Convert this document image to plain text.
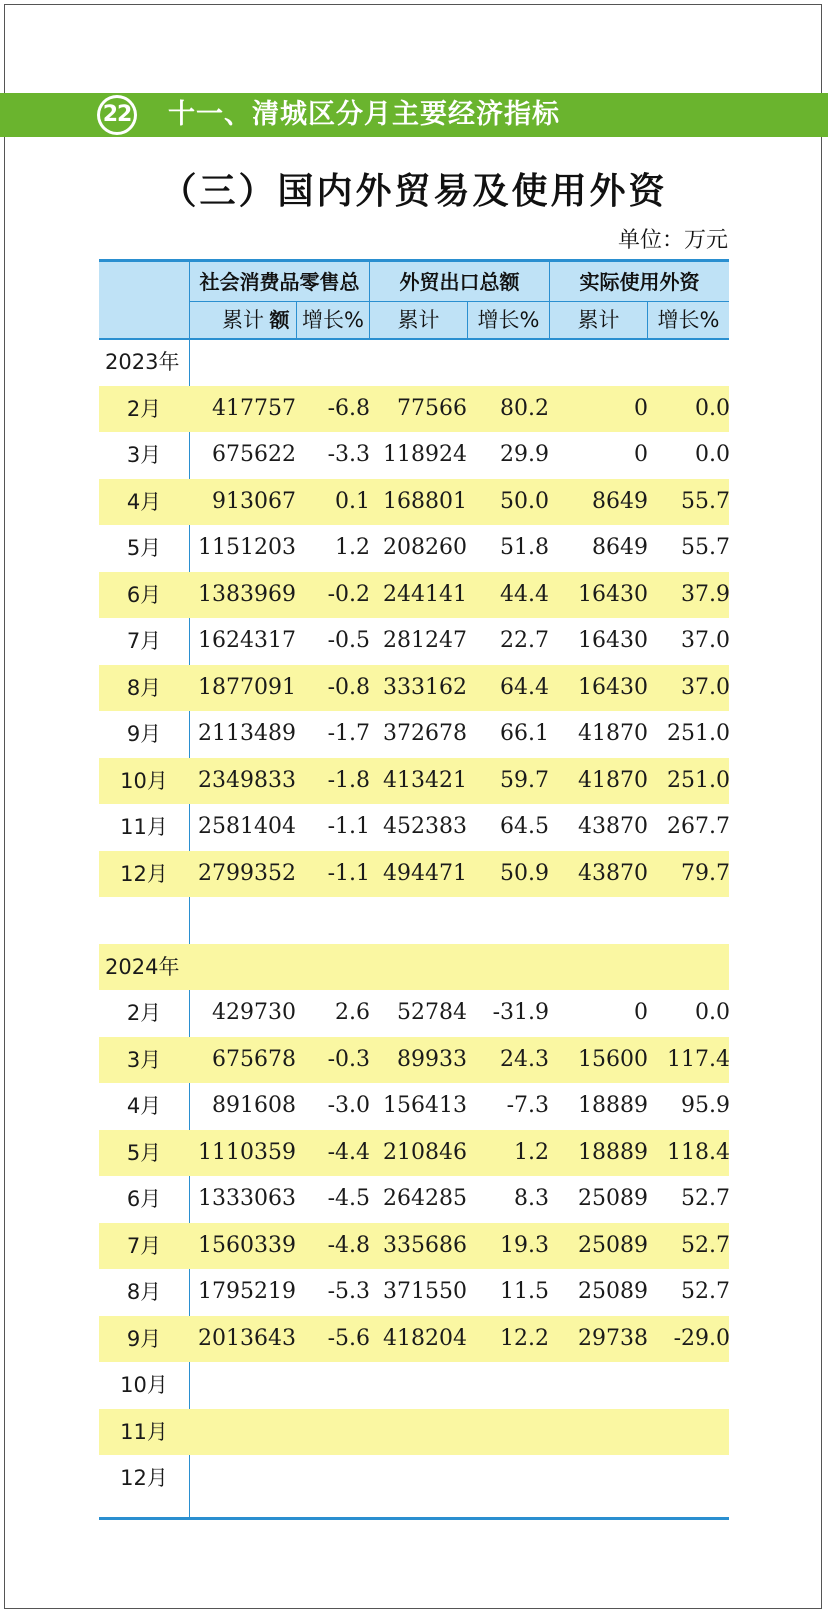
22 十一、清城区分月主要经济指标
（三）国内外贸易及使用外资
单位：万元
社会消费品零售总额
外贸出口总额	实际使用外资
累计	增长%	累计	增长%	累计	增长%
2023年
2月	417757	-6.8	77566	80.2	0	0.0
3月	675622	-3.3 118924	29.9	0	0.0
4月	913067	0.1 168801	50.0	8649	55.7
5月	1151203	1.2 208260	51.8	8649	55.7
6月	1383969	-0.2 244141	44.4	16430	37.9
7月	1624317	-0.5 281247	22.7	16430	37.0
8月	1877091	-0.8 333162	64.4	16430	37.0
9月	2113489	-1.7 372678	66.1	41870 251.0
10月	2349833	-1.8 413421	59.7	41870 251.0
11月	2581404	-1.1 452383	64.5	43870 267.7
12月	2799352	-1.1 494471	50.9	43870	79.7
2024年
2月	429730	2.6	52784	-31.9	0	0.0
3月	675678	-0.3	89933	24.3	15600 117.4
4月	891608	-3.0 156413	-7.3	18889	95.9
5月	1110359	-4.4 210846	1.2	18889 118.4
6月	1333063	-4.5 264285	8.3	25089	52.7
7月	1560339	-4.8 335686	19.3	25089	52.7
8月	1795219	-5.3 371550	11.5	25089	52.7
9月	2013643	-5.6 418204	12.2	29738	-29.0
10月
11月
12月
